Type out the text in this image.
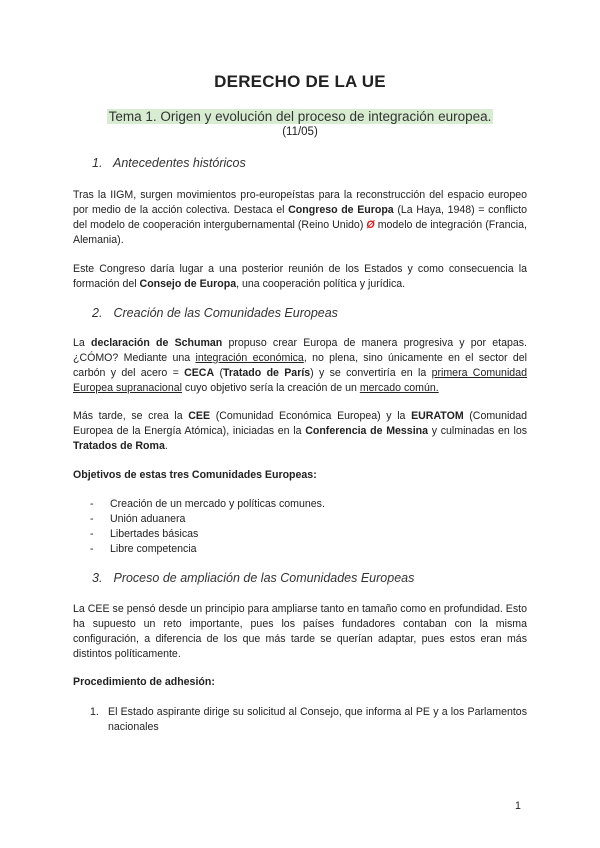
DERECHO DE LA UE
Tema 1. Origen y evolución del proceso de integración europea.
(11/05)
1. Antecedentes históricos
Tras la IIGM, surgen movimientos pro-europeístas para la reconstrucción del espacio europeo por medio de la acción colectiva. Destaca el Congreso de Europa (La Haya, 1948) = conflicto del modelo de cooperación intergubernamental (Reino Unido) Ø modelo de integración (Francia, Alemania).
Este Congreso daría lugar a una posterior reunión de los Estados y como consecuencia la formación del Consejo de Europa, una cooperación política y jurídica.
2. Creación de las Comunidades Europeas
La declaración de Schuman propuso crear Europa de manera progresiva y por etapas. ¿CÓMO? Mediante una integración económica, no plena, sino únicamente en el sector del carbón y del acero = CECA (Tratado de París) y se convertiría en la primera Comunidad Europea supranacional cuyo objetivo sería la creación de un mercado común.
Más tarde, se crea la CEE (Comunidad Económica Europea) y la EURATOM (Comunidad Europea de la Energía Atómica), iniciadas en la Conferencia de Messina y culminadas en los Tratados de Roma.
Objetivos de estas tres Comunidades Europeas:
- Creación de un mercado y políticas comunes.
- Unión aduanera
- Libertades básicas
- Libre competencia
3. Proceso de ampliación de las Comunidades Europeas
La CEE se pensó desde un principio para ampliarse tanto en tamaño como en profundidad. Esto ha supuesto un reto importante, pues los países fundadores contaban con la misma configuración, a diferencia de los que más tarde se querían adaptar, pues estos eran más distintos políticamente.
Procedimiento de adhesión:
1. El Estado aspirante dirige su solicitud al Consejo, que informa al PE y a los Parlamentos nacionales
1
